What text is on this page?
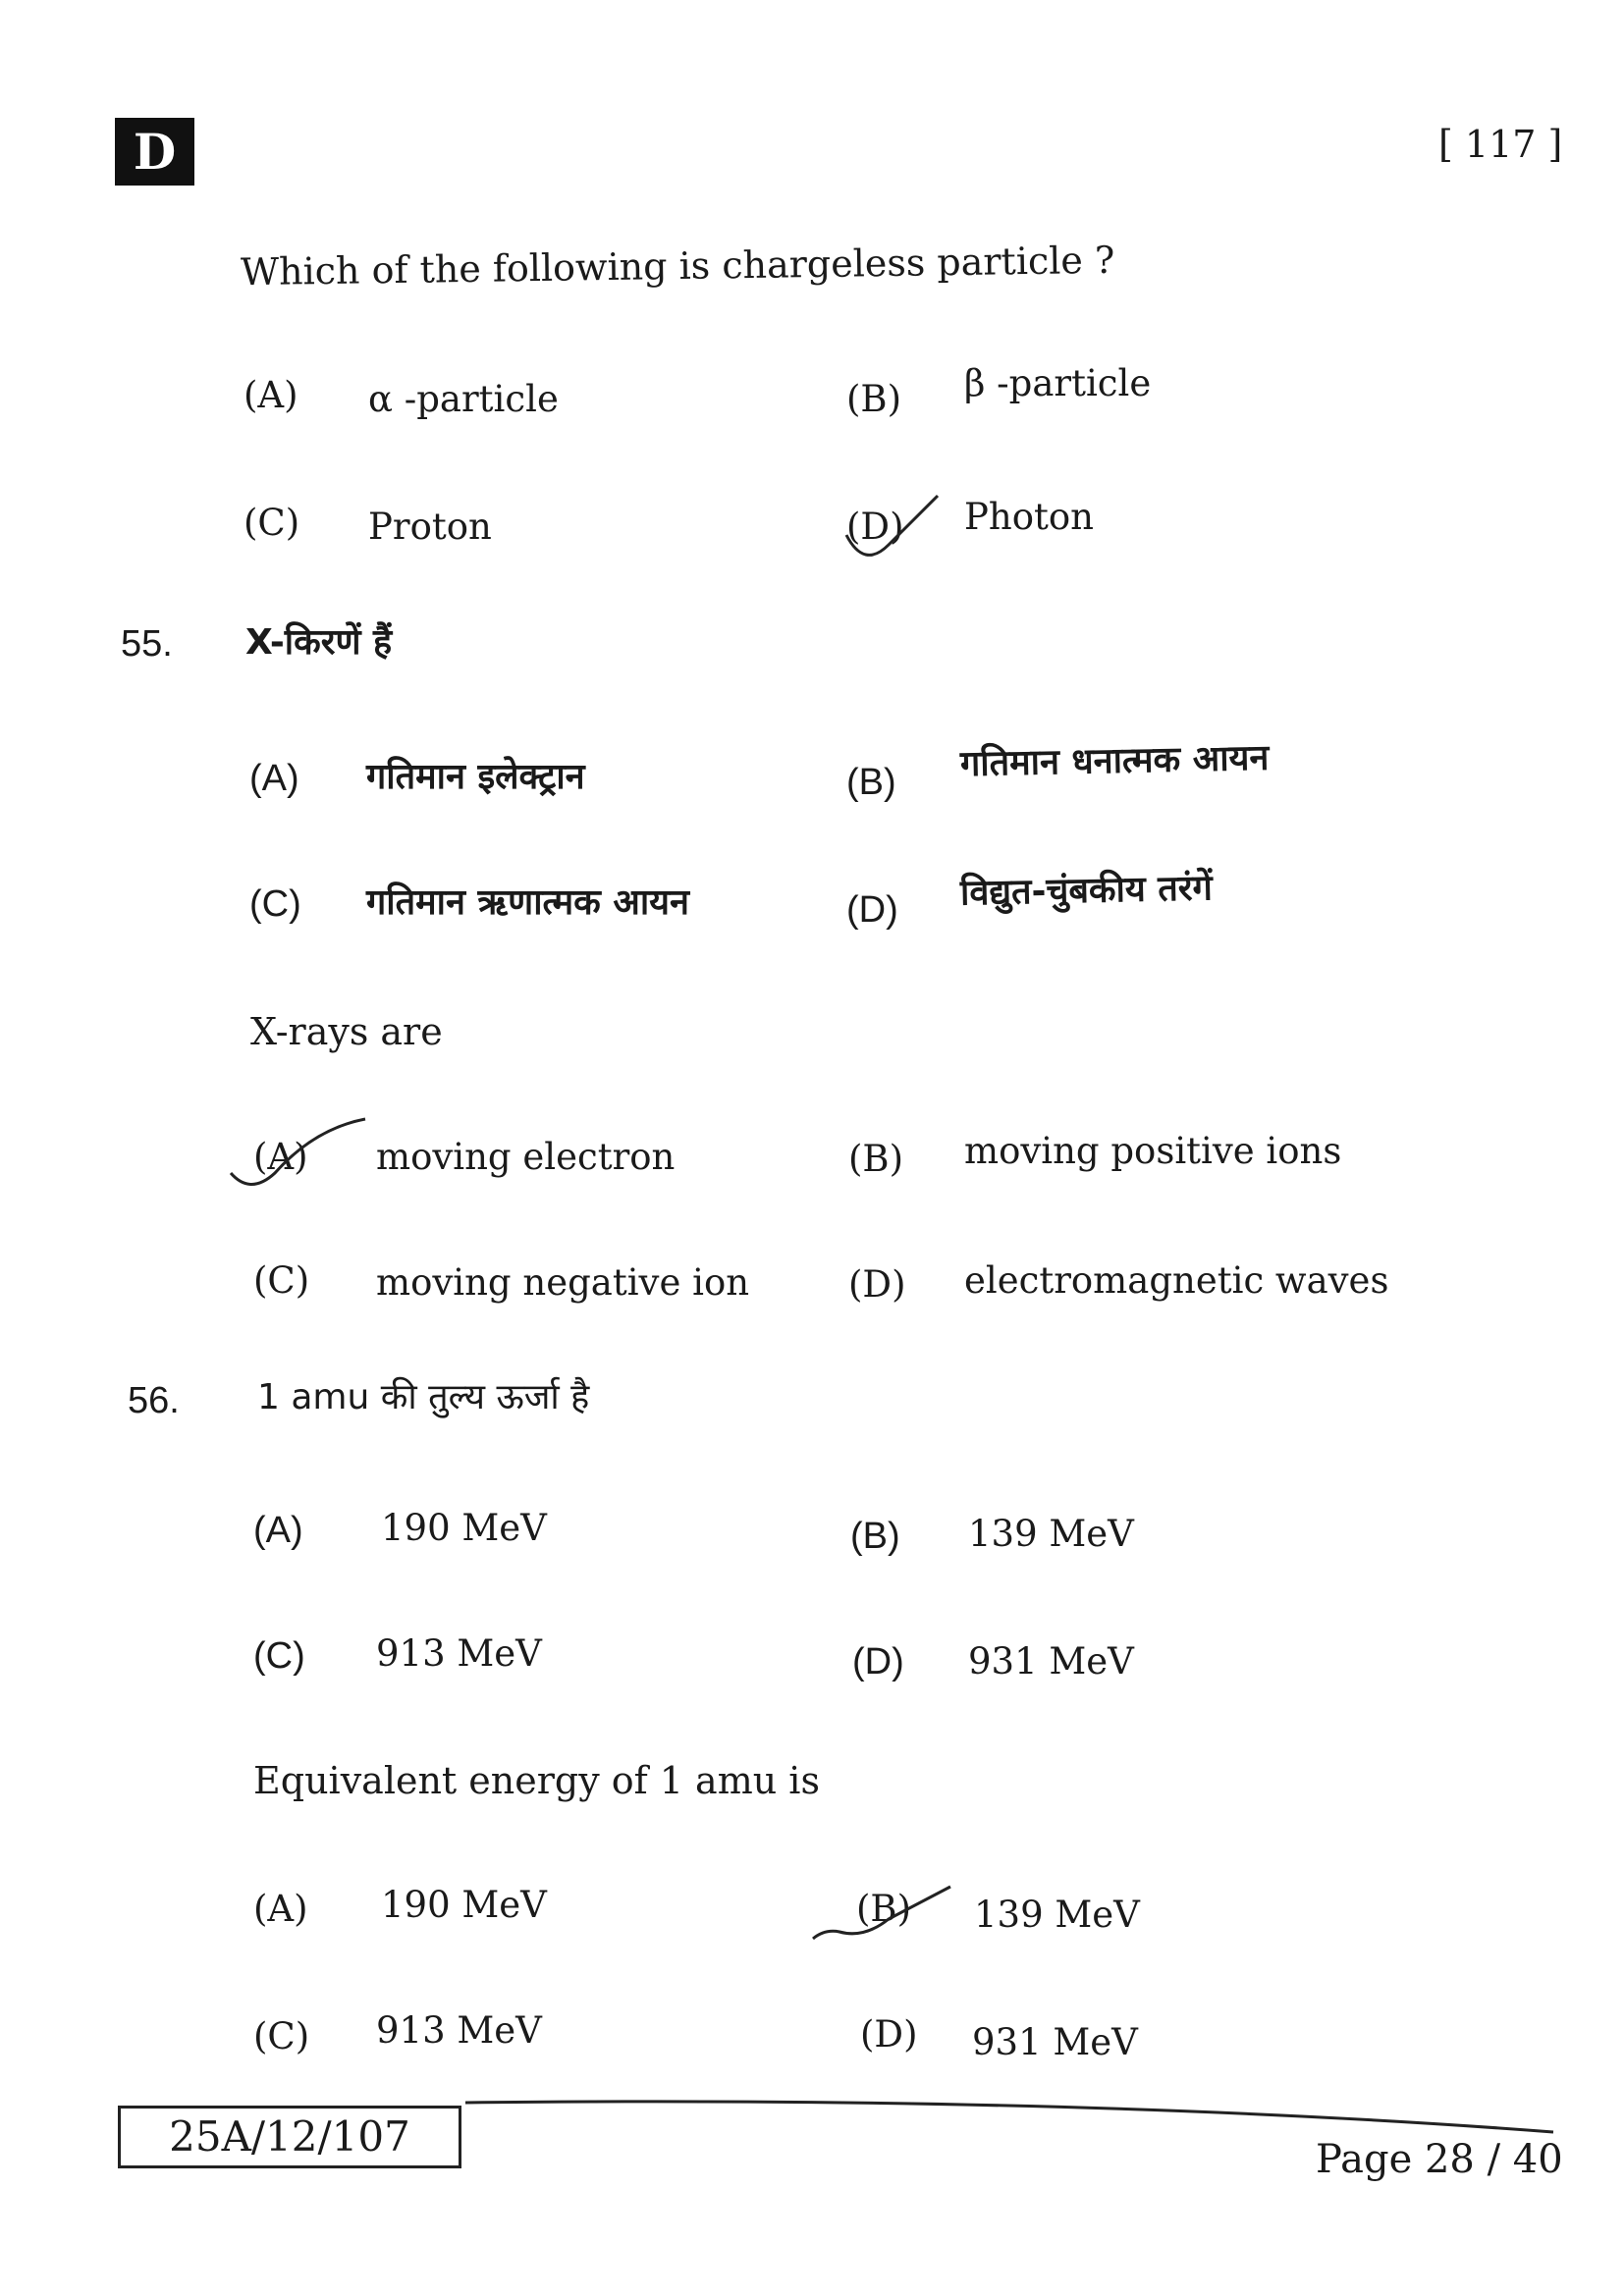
D	[ 117 ]
Which of the following is chargeless particle ?
(A) α -particle	(B) β -particle
(C) Proton	(D) Photon
55. X-किरणें हैं
(A) गतिमान इलेक्ट्रान	(B) गतिमान धनात्मक आयन
(C) गतिमान ऋणात्मक आयन	(D) विद्युत-चुंबकीय तरंगें
X-rays are
(A) moving electron	(B) moving positive ions
(C) moving negative ion	(D) electromagnetic waves
56. 1 amu की तुल्य ऊर्जा है
(A) 190 MeV	(B) 139 MeV
(C) 913 MeV	(D) 931 MeV
Equivalent energy of 1 amu is
(A) 190 MeV	(B) 139 MeV
(C) 913 MeV	(D) 931 MeV
25A/12/107	Page 28 / 40
